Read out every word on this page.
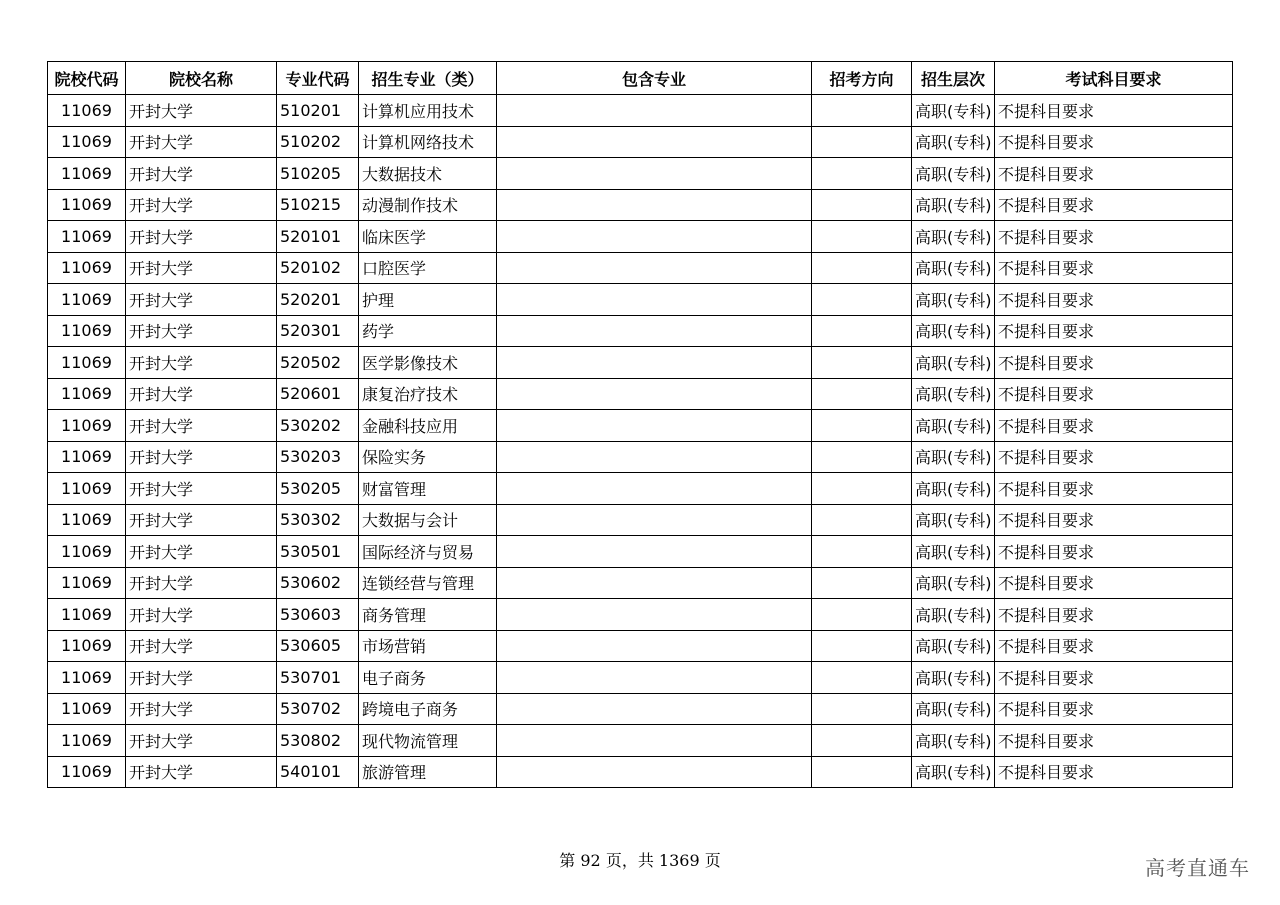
院校代码	院校名称	专业代码	招生专业（类）	包含专业	招考方向	招生层次	考试科目要求
11069	开封大学	510201	计算机应用技术			高职(专科)	不提科目要求
11069	开封大学	510202	计算机网络技术			高职(专科)	不提科目要求
11069	开封大学	510205	大数据技术			高职(专科)	不提科目要求
11069	开封大学	510215	动漫制作技术			高职(专科)	不提科目要求
11069	开封大学	520101	临床医学			高职(专科)	不提科目要求
11069	开封大学	520102	口腔医学			高职(专科)	不提科目要求
11069	开封大学	520201	护理			高职(专科)	不提科目要求
11069	开封大学	520301	药学			高职(专科)	不提科目要求
11069	开封大学	520502	医学影像技术			高职(专科)	不提科目要求
11069	开封大学	520601	康复治疗技术			高职(专科)	不提科目要求
11069	开封大学	530202	金融科技应用			高职(专科)	不提科目要求
11069	开封大学	530203	保险实务			高职(专科)	不提科目要求
11069	开封大学	530205	财富管理			高职(专科)	不提科目要求
11069	开封大学	530302	大数据与会计			高职(专科)	不提科目要求
11069	开封大学	530501	国际经济与贸易			高职(专科)	不提科目要求
11069	开封大学	530602	连锁经营与管理			高职(专科)	不提科目要求
11069	开封大学	530603	商务管理			高职(专科)	不提科目要求
11069	开封大学	530605	市场营销			高职(专科)	不提科目要求
11069	开封大学	530701	电子商务			高职(专科)	不提科目要求
11069	开封大学	530702	跨境电子商务			高职(专科)	不提科目要求
11069	开封大学	530802	现代物流管理			高职(专科)	不提科目要求
11069	开封大学	540101	旅游管理			高职(专科)	不提科目要求
第 92 页，共 1369 页	高考直通车
